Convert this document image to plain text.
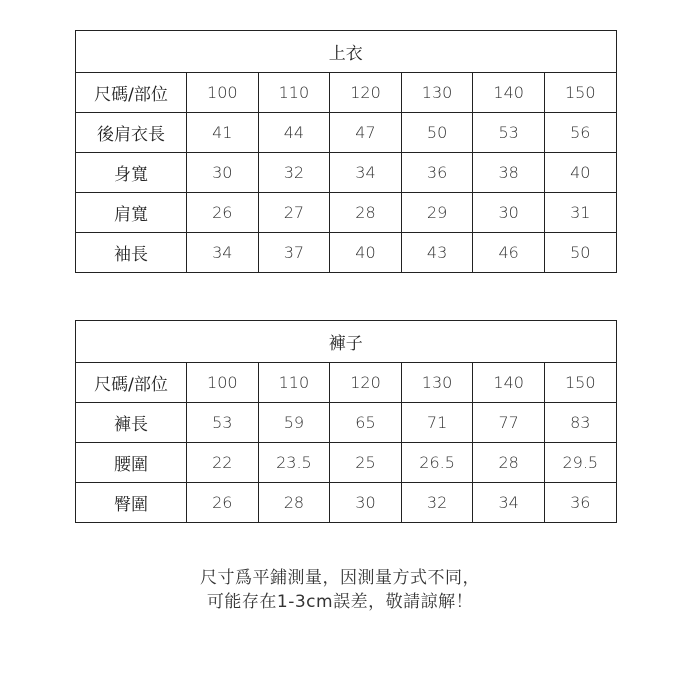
上衣						
尺碼/部位	100	110	120	130	140	150
後肩衣長	41	44	47	50	53	56
身寬	30	32	34	36	38	40
肩寬	26	27	28	29	30	31
袖長	34	37	40	43	46	50
褲子						
尺碼/部位	100	110	120	130	140	150
褲長	53	59	65	71	77	83
腰圍	22	23.5	25	26.5	28	29.5
臀圍	26	28	30	32	34	36
尺寸爲平鋪測量，因測量方式不同，
可能存在1-3cm誤差，敬請諒解！
